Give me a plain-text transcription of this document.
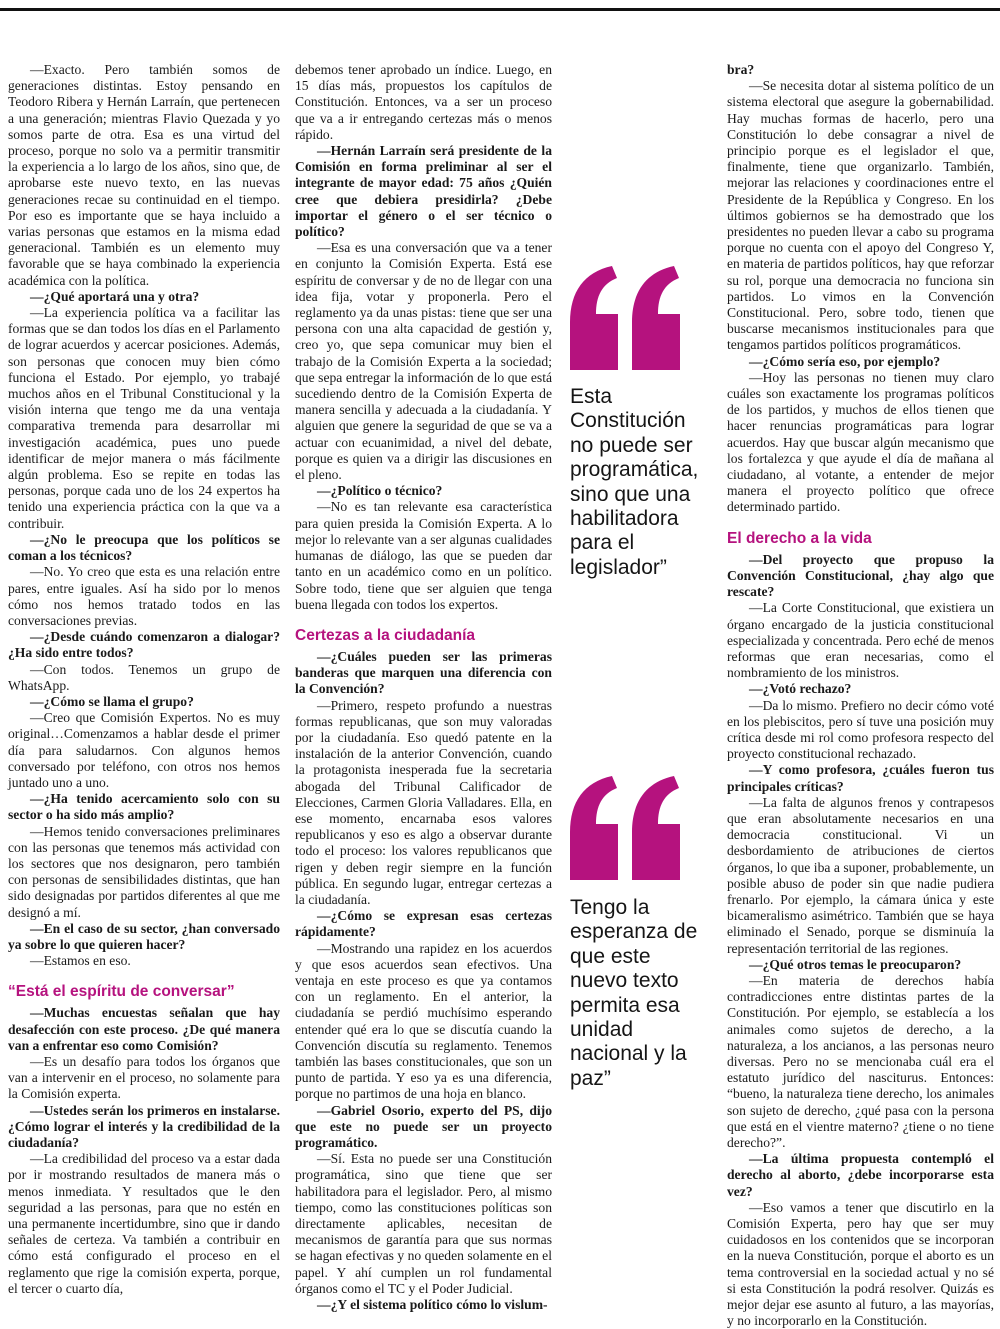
—Exacto. Pero también somos de generaciones distintas. Estoy pensando en Teodoro Ribera y Hernán Larraín, que pertenecen a una generación; mientras Flavio Quezada y yo somos parte de otra. Esa es una virtud del proceso, porque no solo va a permitir transmitir la experiencia a lo largo de los años, sino que, de aprobarse este nuevo texto, en las nuevas generaciones recae su continuidad en el tiempo. Por eso es importante que se haya incluido a varias personas que estamos en la misma edad generacional. También es un elemento muy favorable que se haya combinado la experiencia académica con la política.

—¿Qué aportará una y otra?

—La experiencia política va a facilitar las formas que se dan todos los días en el Parlamento de lograr acuerdos y acercar posiciones. Además, son personas que conocen muy bien cómo funciona el Estado. Por ejemplo, yo trabajé muchos años en el Tribunal Constitucional y la visión interna que tengo me da una ventaja comparativa tremenda para desarrollar mi investigación académica, pues uno puede identificar de mejor manera o más fácilmente algún problema. Eso se repite en todas las personas, porque cada uno de los 24 expertos ha tenido una experiencia práctica con la que va a contribuir.

—¿No le preocupa que los políticos se coman a los técnicos?

—No. Yo creo que esta es una relación entre pares, entre iguales. Así ha sido por lo menos cómo nos hemos tratado todos en las conversaciones previas.

—¿Desde cuándo comenzaron a dialogar? ¿Ha sido entre todos?

—Con todos. Tenemos un grupo de WhatsApp.

—¿Cómo se llama el grupo?

—Creo que Comisión Expertos. No es muy original…Comenzamos a hablar desde el primer día para saludarnos. Con algunos hemos conversado por teléfono, con otros nos hemos juntado uno a uno.

—¿Ha tenido acercamiento solo con su sector o ha sido más amplio?

—Hemos tenido conversaciones preliminares con las personas que tenemos más actividad con los sectores que nos designaron, pero también con personas de sensibilidades distintas, que han sido designadas por partidos diferentes al que me designó a mí.

—En el caso de su sector, ¿han conversado ya sobre lo que quieren hacer?

—Estamos en eso.

“Está el espíritu de conversar”

—Muchas encuestas señalan que hay desafección con este proceso. ¿De qué manera van a enfrentar eso como Comisión?

—Es un desafío para todos los órganos que van a intervenir en el proceso, no solamente para la Comisión experta.

—Ustedes serán los primeros en instalarse. ¿Cómo lograr el interés y la credibilidad de la ciudadanía?

—La credibilidad del proceso va a estar dada por ir mostrando resultados de manera más o menos inmediata. Y resultados que le den seguridad a las personas, para que no estén en una permanente incertidumbre, sino que ir dando señales de certeza. Va también a contribuir en cómo está configurado el proceso en el reglamento que rige la comisión experta, porque, el tercer o cuarto día,

debemos tener aprobado un índice. Luego, en 15 días más, propuestos los capítulos de Constitución. Entonces, va a ser un proceso que va a ir entregando certezas más o menos rápido.

—Hernán Larraín será presidente de la Comisión en forma preliminar al ser el integrante de mayor edad: 75 años ¿Quién cree que debiera presidirla? ¿Debe importar el género o el ser técnico o político?

—Esa es una conversación que va a tener en conjunto la Comisión Experta. Está ese espíritu de conversar y de no de llegar con una idea fija, votar y proponerla. Pero el reglamento ya da unas pistas: tiene que ser una persona con una alta capacidad de gestión y, creo yo, que sepa comunicar muy bien el trabajo de la Comisión Experta a la sociedad; que sepa entregar la información de lo que está sucediendo dentro de la Comisión Experta de manera sencilla y adecuada a la ciudadanía. Y alguien que genere la seguridad de que se va a actuar con ecuanimidad, a nivel del debate, porque es quien va a dirigir las discusiones en el pleno.

—¿Político o técnico?

—No es tan relevante esa característica para quien presida la Comisión Experta. A lo mejor lo relevante van a ser algunas cualidades humanas de diálogo, las que se pueden dar tanto en un académico como en un político. Sobre todo, tiene que ser alguien que tenga buena llegada con todos los expertos.

Certezas a la ciudadanía

—¿Cuáles pueden ser las primeras banderas que marquen una diferencia con la Convención?

—Primero, respeto profundo a nuestras formas republicanas, que son muy valoradas por la ciudadanía. Eso quedó patente en la instalación de la anterior Convención, cuando la protagonista inesperada fue la secretaria abogada del Tribunal Calificador de Elecciones, Carmen Gloria Valladares. Ella, en ese momento, encarnaba esos valores republicanos y eso es algo a observar durante todo el proceso: los valores republicanos que rigen y deben regir siempre en la función pública. En segundo lugar, entregar certezas a la ciudadanía.

—¿Cómo se expresan esas certezas rápidamente?

—Mostrando una rapidez en los acuerdos y que esos acuerdos sean efectivos. Una ventaja en este proceso es que ya contamos con un reglamento. En el anterior, la ciudadanía se perdió muchísimo esperando entender qué era lo que se discutía cuando la Convención discutía su reglamento. Tenemos también las bases constitucionales, que son un punto de partida. Y eso ya es una diferencia, porque no partimos de una hoja en blanco.

—Gabriel Osorio, experto del PS, dijo que este no puede ser un proyecto programático.

—Sí. Esta no puede ser una Constitución programática, sino que tiene que ser habilitadora para el legislador. Pero, al mismo tiempo, como las constituciones políticas son directamente aplicables, necesitan de mecanismos de garantía para que sus normas se hagan efectivas y no queden solamente en el papel. Y ahí cumplen un rol fundamental órganos como el TC y el Poder Judicial.

—¿Y el sistema político cómo lo vislum-

bra?

—Se necesita dotar al sistema político de un sistema electoral que asegure la gobernabilidad. Hay muchas formas de hacerlo, pero una Constitución lo debe consagrar a nivel de principio porque es el legislador el que, finalmente, tiene que organizarlo. También, mejorar las relaciones y coordinaciones entre el Presidente de la República y Congreso. En los últimos gobiernos se ha demostrado que los presidentes no pueden llevar a cabo su programa porque no cuenta con el apoyo del Congreso Y, en materia de partidos políticos, hay que reforzar su rol, porque una democracia no funciona sin partidos. Lo vimos en la Convención Constitucional. Pero, sobre todo, tienen que buscarse mecanismos institucionales para que tengamos partidos políticos programáticos.

—¿Cómo sería eso, por ejemplo?

—Hoy las personas no tienen muy claro cuáles son exactamente los programas políticos de los partidos, y muchos de ellos tienen que hacer renuncias programáticas para lograr acuerdos. Hay que buscar algún mecanismo que los fortalezca y que ayude el día de mañana al ciudadano, al votante, a entender de mejor manera el proyecto político que ofrece determinado partido.

El derecho a la vida

—Del proyecto que propuso la Convención Constitucional, ¿hay algo que rescate?

—La Corte Constitucional, que existiera un órgano encargado de la justicia constitucional especializada y concentrada. Pero eché de menos reformas que eran necesarias, como el nombramiento de los ministros.

—¿Votó rechazo?

—Da lo mismo. Prefiero no decir cómo voté en los plebiscitos, pero sí tuve una posición muy crítica desde mi rol como profesora respecto del proyecto constitucional rechazado.

—Y como profesora, ¿cuáles fueron tus principales críticas?

—La falta de algunos frenos y contrapesos que eran absolutamente necesarios en una democracia constitucional. Vi un desbordamiento de atribuciones de ciertos órganos, lo que iba a suponer, probablemente, un posible abuso de poder sin que nadie pudiera frenarlo. Por ejemplo, la cámara única y este bicameralismo asimétrico. También que se haya eliminado el Senado, porque se disminuía la representación territorial de las regiones.

—¿Qué otros temas le preocuparon?

—En materia de derechos había contradicciones entre distintas partes de la Constitución. Por ejemplo, se establecía a los animales como sujetos de derecho, a la naturaleza, a los ancianos, a las personas neuro diversas. Pero no se mencionaba cuál era el estatuto jurídico del nasciturus. Entonces: “bueno, la naturaleza tiene derecho, los animales son sujeto de derecho, ¿qué pasa con la persona que está en el vientre materno? ¿tiene o no tiene derecho?”.

—La última propuesta contempló el derecho al aborto, ¿debe incorporarse esta vez?

—Eso vamos a tener que discutirlo en la Comisión Experta, pero hay que ser muy cuidadosos en los contenidos que se incorporan en la nueva Constitución, porque el aborto es un tema controversial en la sociedad actual y no sé si esta Constitución la podrá resolver. Quizás es mejor dejar ese asunto al futuro, a las mayorías, y no incorporarlo en la Constitución.

Esta Constitución no puede ser programática, sino que una habilitadora para el legislador”
Tengo la esperanza de que este nuevo texto permita esa unidad nacional y la paz”
